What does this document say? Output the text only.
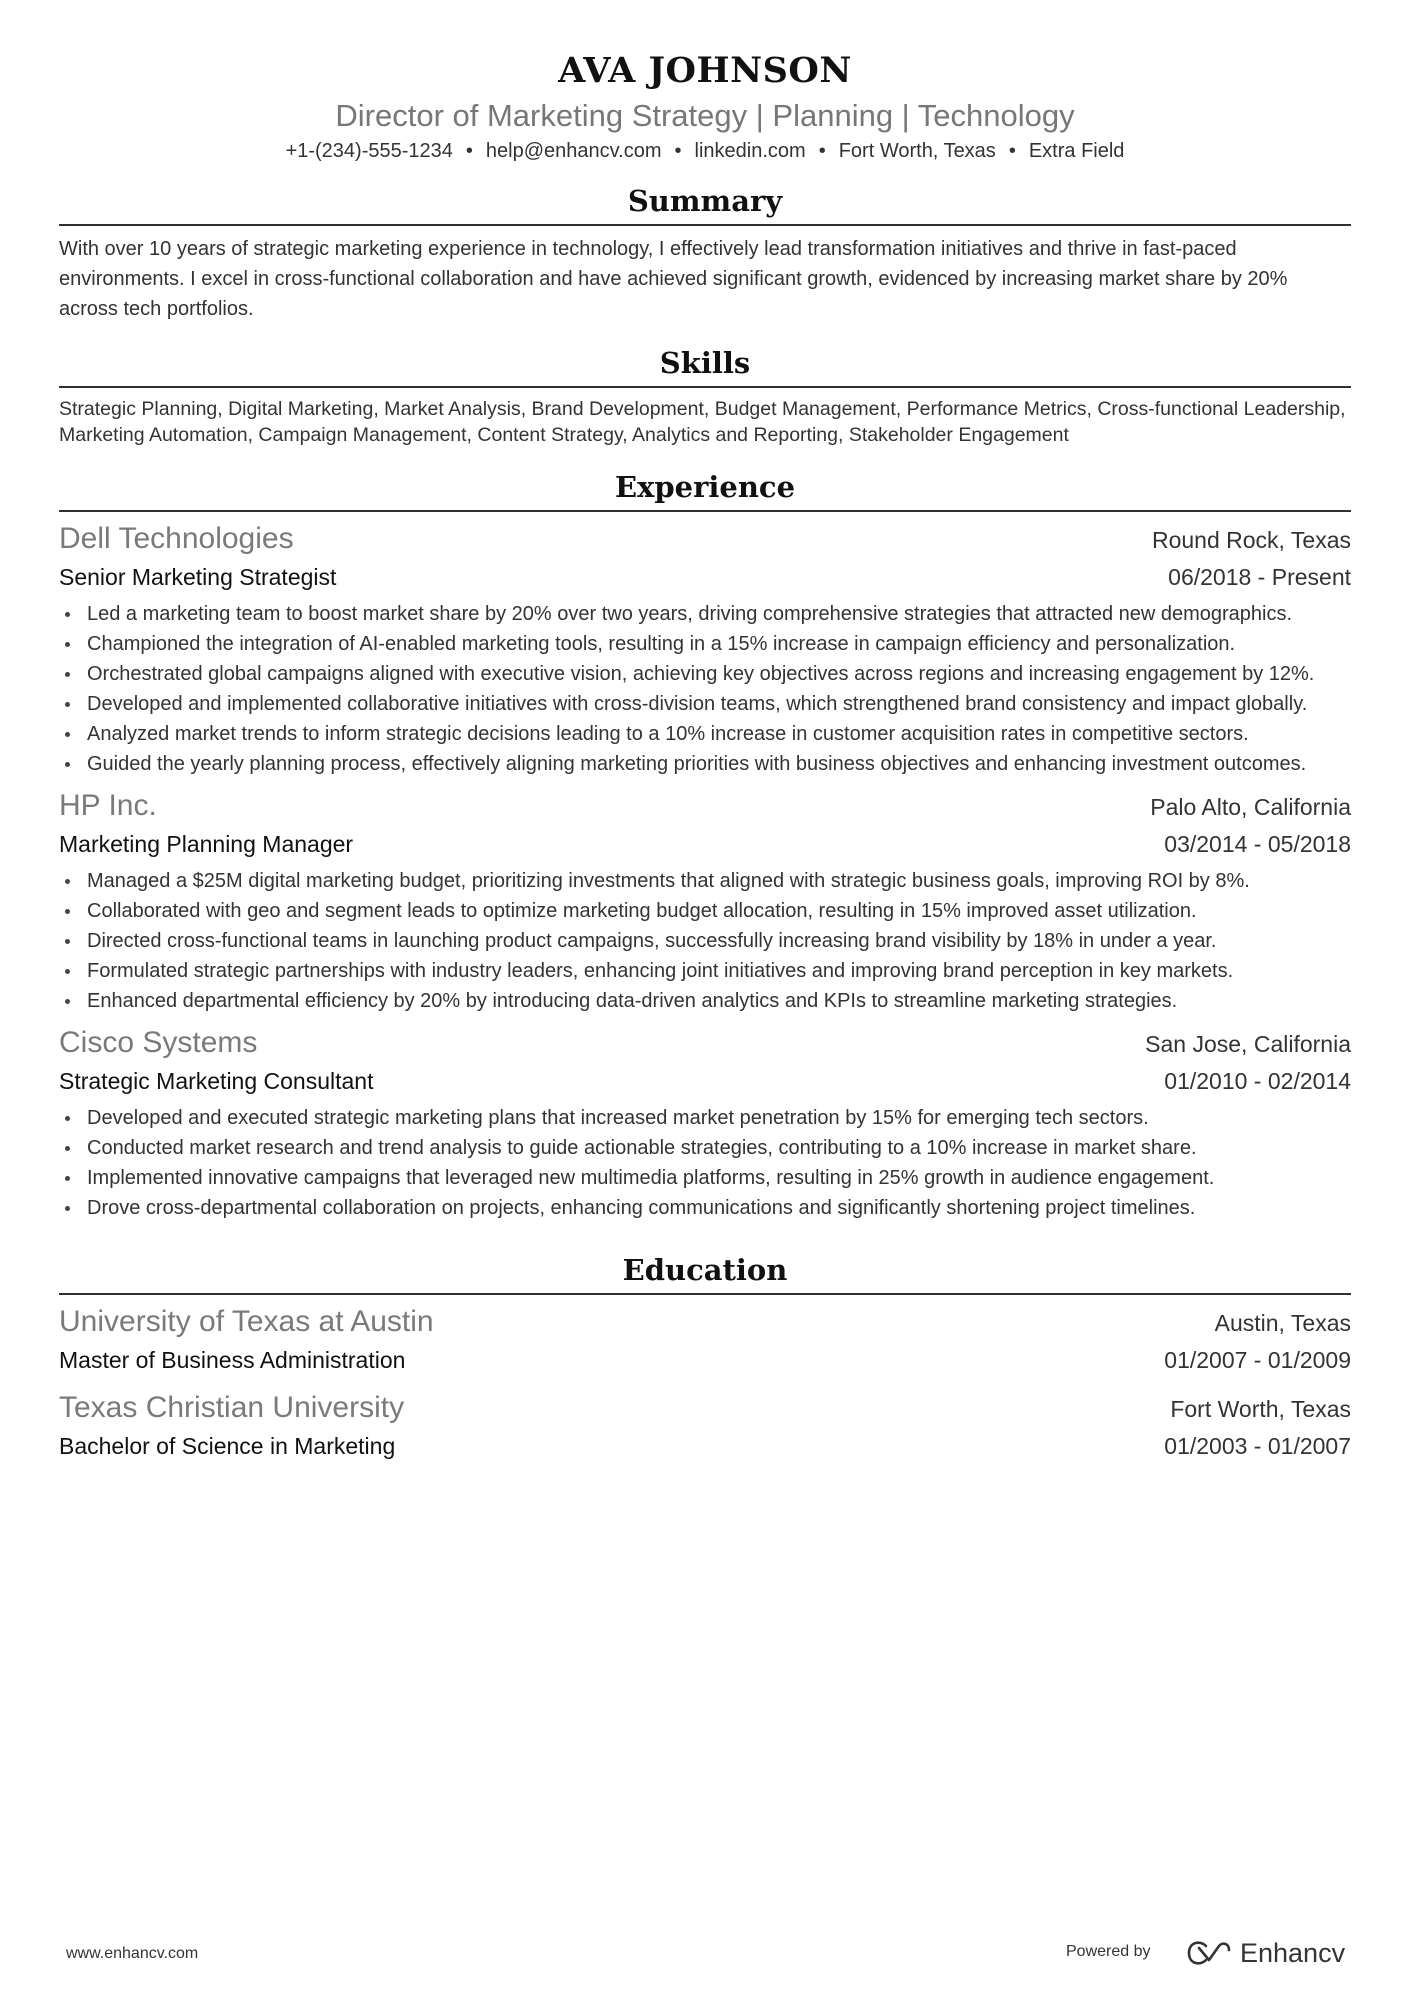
AVA JOHNSON
Director of Marketing Strategy | Planning | Technology
+1-(234)-555-1234 • help@enhancv.com • linkedin.com • Fort Worth, Texas • Extra Field
Summary

With over 10 years of strategic marketing experience in technology, I effectively lead transformation initiatives and thrive in fast-paced environments. I excel in cross-functional collaboration and have achieved significant growth, evidenced by increasing market share by 20% across tech portfolios.

Skills

Strategic Planning, Digital Marketing, Market Analysis, Brand Development, Budget Management, Performance Metrics, Cross-functional Leadership, Marketing Automation, Campaign Management, Content Strategy, Analytics and Reporting, Stakeholder Engagement

Experience
Dell Technologies	Round Rock, Texas
Senior Marketing Strategist	06/2018 - Present
Led a marketing team to boost market share by 20% over two years, driving comprehensive strategies that attracted new demographics.
Championed the integration of AI-enabled marketing tools, resulting in a 15% increase in campaign efficiency and personalization.
Orchestrated global campaigns aligned with executive vision, achieving key objectives across regions and increasing engagement by 12%.
Developed and implemented collaborative initiatives with cross-division teams, which strengthened brand consistency and impact globally.
Analyzed market trends to inform strategic decisions leading to a 10% increase in customer acquisition rates in competitive sectors.
Guided the yearly planning process, effectively aligning marketing priorities with business objectives and enhancing investment outcomes.
HP Inc.	Palo Alto, California
Marketing Planning Manager	03/2014 - 05/2018
Managed a $25M digital marketing budget, prioritizing investments that aligned with strategic business goals, improving ROI by 8%.
Collaborated with geo and segment leads to optimize marketing budget allocation, resulting in 15% improved asset utilization.
Directed cross-functional teams in launching product campaigns, successfully increasing brand visibility by 18% in under a year.
Formulated strategic partnerships with industry leaders, enhancing joint initiatives and improving brand perception in key markets.
Enhanced departmental efficiency by 20% by introducing data-driven analytics and KPIs to streamline marketing strategies.
Cisco Systems	San Jose, California
Strategic Marketing Consultant	01/2010 - 02/2014
Developed and executed strategic marketing plans that increased market penetration by 15% for emerging tech sectors.
Conducted market research and trend analysis to guide actionable strategies, contributing to a 10% increase in market share.
Implemented innovative campaigns that leveraged new multimedia platforms, resulting in 25% growth in audience engagement.
Drove cross-departmental collaboration on projects, enhancing communications and significantly shortening project timelines.
Education
University of Texas at Austin	Austin, Texas
Master of Business Administration	01/2007 - 01/2009
Texas Christian University	Fort Worth, Texas
Bachelor of Science in Marketing	01/2003 - 01/2007
www.enhancv.com	Powered by	Enhancv
